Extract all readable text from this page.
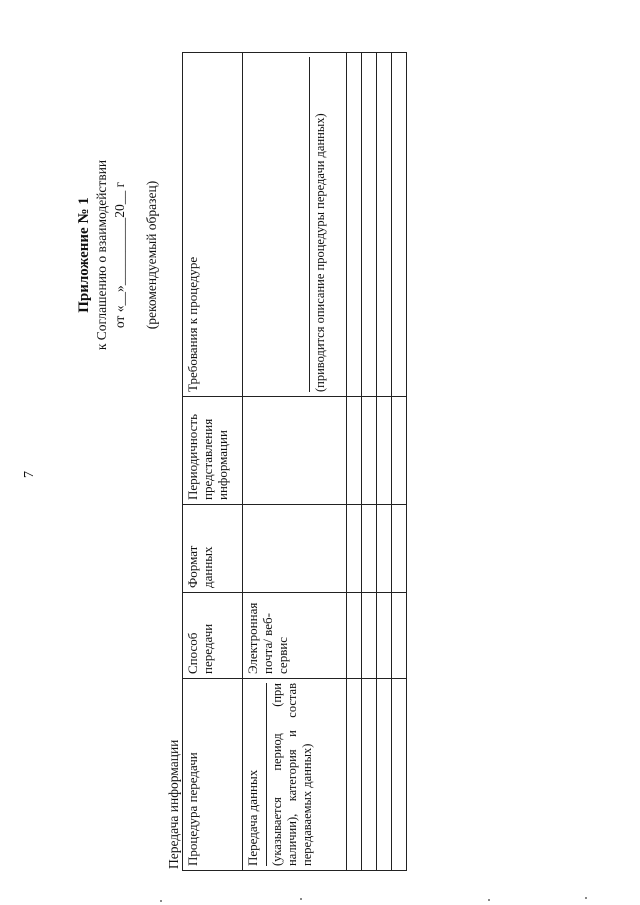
7
Приложение № 1 к Соглашению о взаимодействии от «__»__________20__ г (рекомендуемый образец)
Передача информации Процедура передачи	Способ передачи	Формат данных	Периодичность представления информации	Требования к процедуре

Передача данных (указывается период (при наличии), категория и состав передаваемых данных)	Электронная почта/ веб-сервис			(приводится описание процедуры передачи данных)
